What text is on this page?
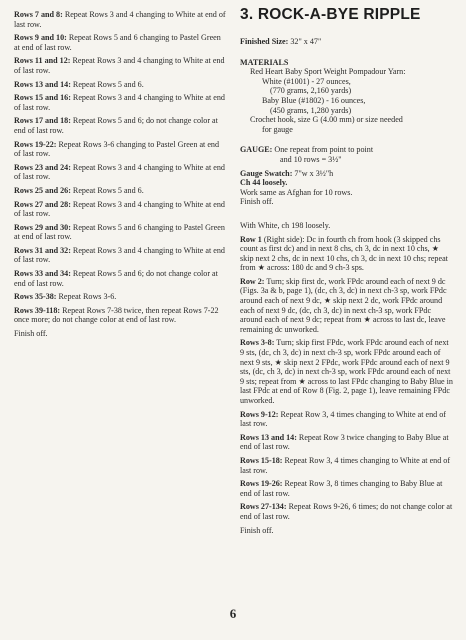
Rows 7 and 8: Repeat Rows 3 and 4 changing to White at end of last row.

Rows 9 and 10: Repeat Rows 5 and 6 changing to Pastel Green at end of last row.

Rows 11 and 12: Repeat Rows 3 and 4 changing to White at end of last row.

Rows 13 and 14: Repeat Rows 5 and 6.

Rows 15 and 16: Repeat Rows 3 and 4 changing to White at end of last row.

Rows 17 and 18: Repeat Rows 5 and 6; do not change color at end of last row.

Rows 19-22: Repeat Rows 3-6 changing to Pastel Green at end of last row.

Rows 23 and 24: Repeat Rows 3 and 4 changing to White at end of last row.

Rows 25 and 26: Repeat Rows 5 and 6.

Rows 27 and 28: Repeat Rows 3 and 4 changing to White at end of last row.

Rows 29 and 30: Repeat Rows 5 and 6 changing to Pastel Green at end of last row.

Rows 31 and 32: Repeat Rows 3 and 4 changing to White at end of last row.

Rows 33 and 34: Repeat Rows 5 and 6; do not change color at end of last row.

Rows 35-38: Repeat Rows 3-6.

Rows 39-118: Repeat Rows 7-38 twice, then repeat Rows 7-22 once more; do not change color at end of last row.

Finish off.

3. ROCK-A-BYE RIPPLE

Finished Size: 32" x 47"

MATERIALS

Red Heart Baby Sport Weight Pompadour Yarn:
White (#1001) - 27 ounces,
(770 grams, 2,160 yards)
Baby Blue (#1802) - 16 ounces,
(450 grams, 1,280 yards)
Crochet hook, size G (4.00 mm) or size needed
for gauge

GAUGE: One repeat from point to point

and 10 rows = 3½"

Gauge Swatch: 7"w x 3½"h

Ch 44 loosely.
Work same as Afghan for 10 rows.
Finish off.

With White, ch 198 loosely.

Row 1 (Right side): Dc in fourth ch from hook (3 skipped chs count as first dc) and in next 8 chs, ch 3, dc in next 10 chs, ★ skip next 2 chs, dc in next 10 chs, ch 3, dc in next 10 chs; repeat from ★ across: 180 dc and 9 ch-3 sps.

Row 2: Turn; skip first dc, work FPdc around each of next 9 dc (Figs. 3a & b, page 1), (dc, ch 3, dc) in next ch-3 sp, work FPdc around each of next 9 dc, ★ skip next 2 dc, work FPdc around each of next 9 dc, (dc, ch 3, dc) in next ch-3 sp, work FPdc around each of next 9 dc; repeat from ★ across to last dc, leave remaining dc unworked.

Rows 3-8: Turn; skip first FPdc, work FPdc around each of next 9 sts, (dc, ch 3, dc) in next ch-3 sp, work FPdc around each of next 9 sts, ★ skip next 2 FPdc, work FPdc around each of next 9 sts, (dc, ch 3, dc) in next ch-3 sp, work FPdc around each of next 9 sts; repeat from ★ across to last FPdc changing to Baby Blue in last FPdc at end of Row 8 (Fig. 2, page 1), leave remaining FPdc unworked.

Rows 9-12: Repeat Row 3, 4 times changing to White at end of last row.

Rows 13 and 14: Repeat Row 3 twice changing to Baby Blue at end of last row.

Rows 15-18: Repeat Row 3, 4 times changing to White at end of last row.

Rows 19-26: Repeat Row 3, 8 times changing to Baby Blue at end of last row.

Rows 27-134: Repeat Rows 9-26, 6 times; do not change color at end of last row.

Finish off.

6
